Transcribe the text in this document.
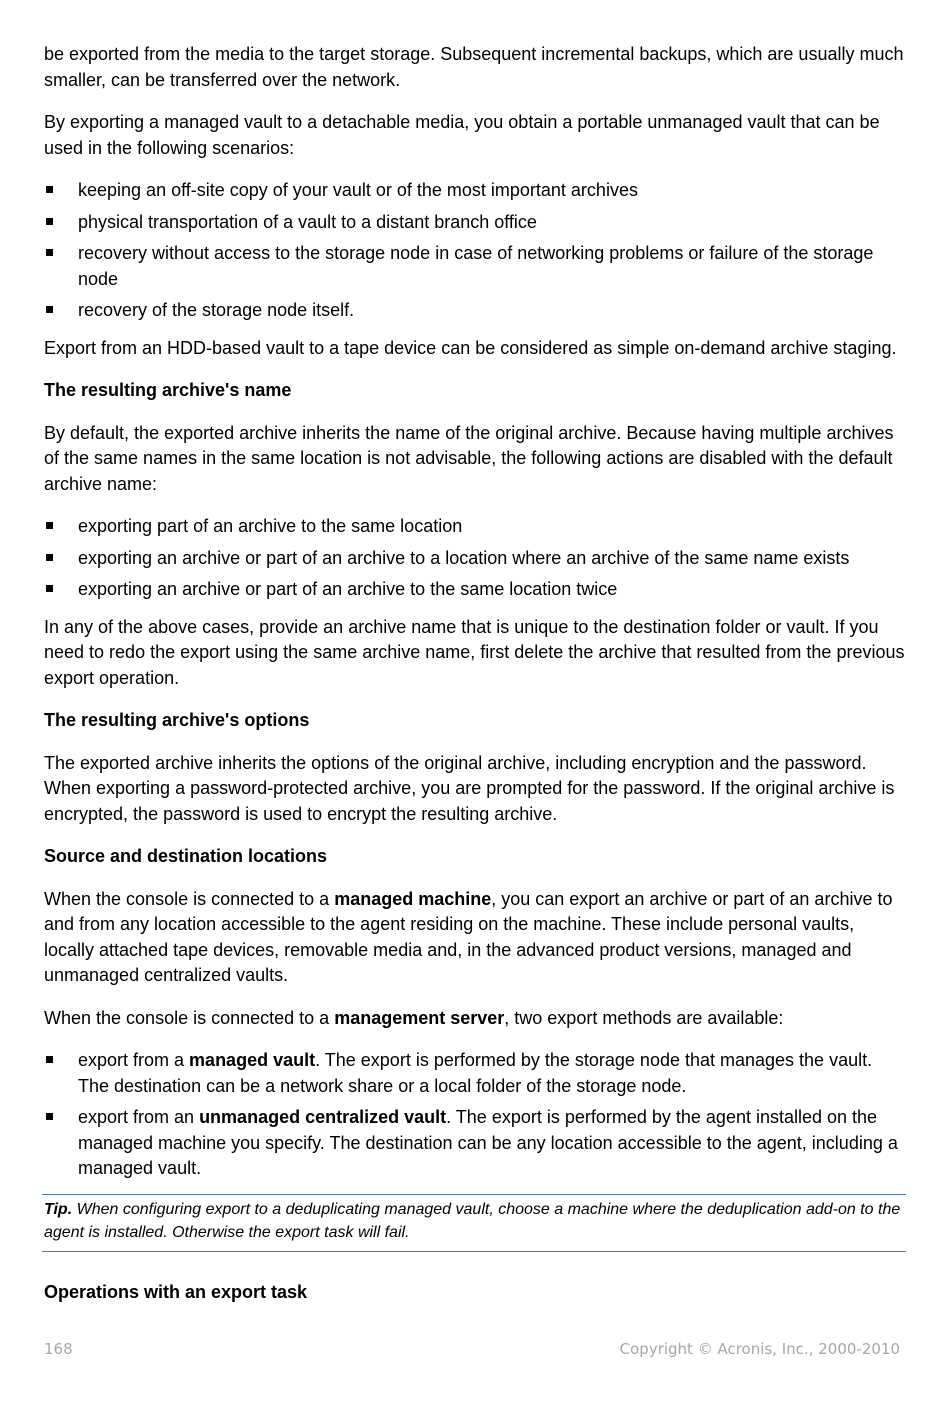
be exported from the media to the target storage. Subsequent incremental backups, which are usually much smaller, can be transferred over the network.

By exporting a managed vault to a detachable media, you obtain a portable unmanaged vault that can be used in the following scenarios:

keeping an off-site copy of your vault or of the most important archives
physical transportation of a vault to a distant branch office
recovery without access to the storage node in case of networking problems or failure of the storage node
recovery of the storage node itself.

Export from an HDD-based vault to a tape device can be considered as simple on-demand archive staging.

The resulting archive's name

By default, the exported archive inherits the name of the original archive. Because having multiple archives of the same names in the same location is not advisable, the following actions are disabled with the default archive name:

exporting part of an archive to the same location
exporting an archive or part of an archive to a location where an archive of the same name exists
exporting an archive or part of an archive to the same location twice

In any of the above cases, provide an archive name that is unique to the destination folder or vault. If you need to redo the export using the same archive name, first delete the archive that resulted from the previous export operation.

The resulting archive's options

The exported archive inherits the options of the original archive, including encryption and the password. When exporting a password-protected archive, you are prompted for the password. If the original archive is encrypted, the password is used to encrypt the resulting archive.

Source and destination locations

When the console is connected to a managed machine, you can export an archive or part of an archive to and from any location accessible to the agent residing on the machine. These include personal vaults, locally attached tape devices, removable media and, in the advanced product versions, managed and unmanaged centralized vaults.

When the console is connected to a management server, two export methods are available:

export from a managed vault. The export is performed by the storage node that manages the vault. The destination can be a network share or a local folder of the storage node.
export from an unmanaged centralized vault. The export is performed by the agent installed on the managed machine you specify. The destination can be any location accessible to the agent, including a managed vault.
Tip. When configuring export to a deduplicating managed vault, choose a machine where the deduplication add-on to the agent is installed. Otherwise the export task will fail.
Operations with an export task
168	Copyright © Acronis, Inc., 2000-2010
